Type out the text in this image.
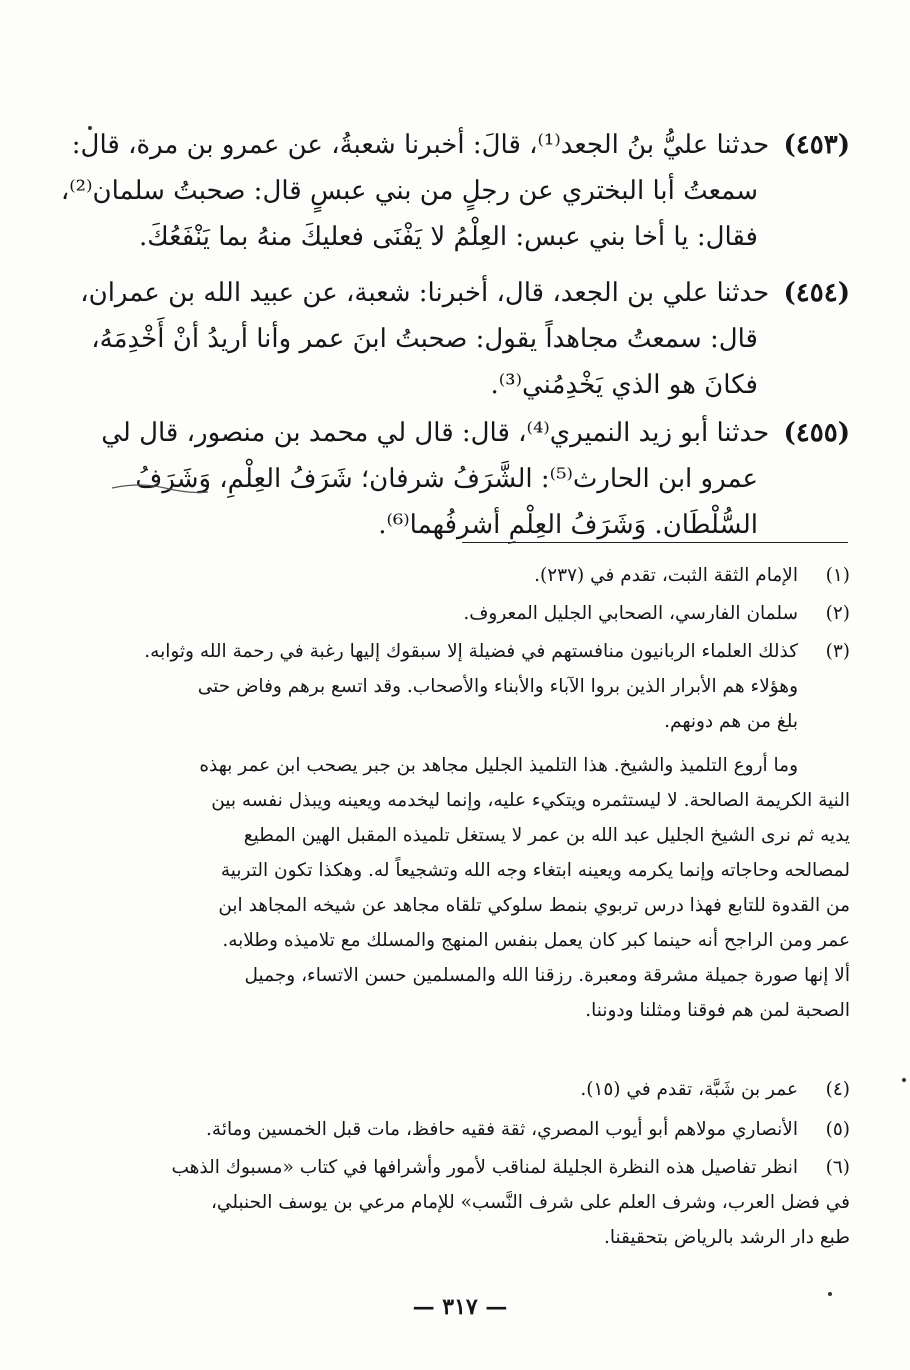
(٤٥٣) حدثنا عليُّ بنُ الجعد⁽¹⁾، قالَ: أخبرنا شعبةُ، عن عمرو بن مرة، قال:
سمعتُ أبا البختري عن رجلٍ من بني عبسٍ قال: صحبتُ سلمان⁽²⁾،
فقال: يا أخا بني عبس: العِلْمُ لا يَفْنَى فعليكَ منهُ بما يَنْفَعُكَ.
(٤٥٤) حدثنا علي بن الجعد، قال، أخبرنا: شعبة، عن عبيد الله بن عمران،
قال: سمعتُ مجاهداً يقول: صحبتُ ابنَ عمر وأنا أريدُ أنْ أَخْدِمَهُ،
فكانَ هو الذي يَخْدِمُني⁽³⁾.
(٤٥٥) حدثنا أبو زيد النميري⁽⁴⁾، قال: قال لي محمد بن منصور، قال لي
عمرو ابن الحارث⁽⁵⁾: الشَّرَفُ شرفان؛ شَرَفُ العِلْمِ، وَشَرَفُ
السُّلْطَان. وَشَرَفُ العِلْمِ أشرفُهما⁽⁶⁾.
(١)الإمام الثقة الثبت، تقدم في (٢٣٧).
(٢)سلمان الفارسي، الصحابي الجليل المعروف.
(٣)كذلك العلماء الربانيون منافستهم في فضيلة إلا سبقوك إليها رغبة في رحمة الله وثوابه.
وهؤلاء هم الأبرار الذين بروا الآباء والأبناء والأصحاب. وقد اتسع برهم وفاض حتى
بلغ من هم دونهم.
وما أروع التلميذ والشيخ. هذا التلميذ الجليل مجاهد بن جبر يصحب ابن عمر بهذه
النية الكريمة الصالحة. لا ليستثمره ويتكيء عليه، وإنما ليخدمه ويعينه ويبذل نفسه بين
يديه ثم نرى الشيخ الجليل عبد الله بن عمر لا يستغل تلميذه المقبل الهين المطيع
لمصالحه وحاجاته وإنما يكرمه ويعينه ابتغاء وجه الله وتشجيعاً له. وهكذا تكون التربية
من القدوة للتابع فهذا درس تربوي بنمط سلوكي تلقاه مجاهد عن شيخه المجاهد ابن
عمر ومن الراجح أنه حينما كبر كان يعمل بنفس المنهج والمسلك مع تلاميذه وطلابه.
ألا إنها صورة جميلة مشرقة ومعبرة. رزقنا الله والمسلمين حسن الاتساء، وجميل
الصحبة لمن هم فوقنا ومثلنا ودوننا.
(٤)عمر بن شَبَّة، تقدم في (١٥).
(٥)الأنصاري مولاهم أبو أيوب المصري، ثقة فقيه حافظ، مات قبل الخمسين ومائة.
(٦)انظر تفاصيل هذه النظرة الجليلة لمناقب لأمور وأشرافها في كتاب «مسبوك الذهب
في فضل العرب، وشرف العلم على شرف النَّسب» للإمام مرعي بن يوسف الحنبلي،
طبع دار الرشد بالرياض بتحقيقنا.
— ٣١٧ —
